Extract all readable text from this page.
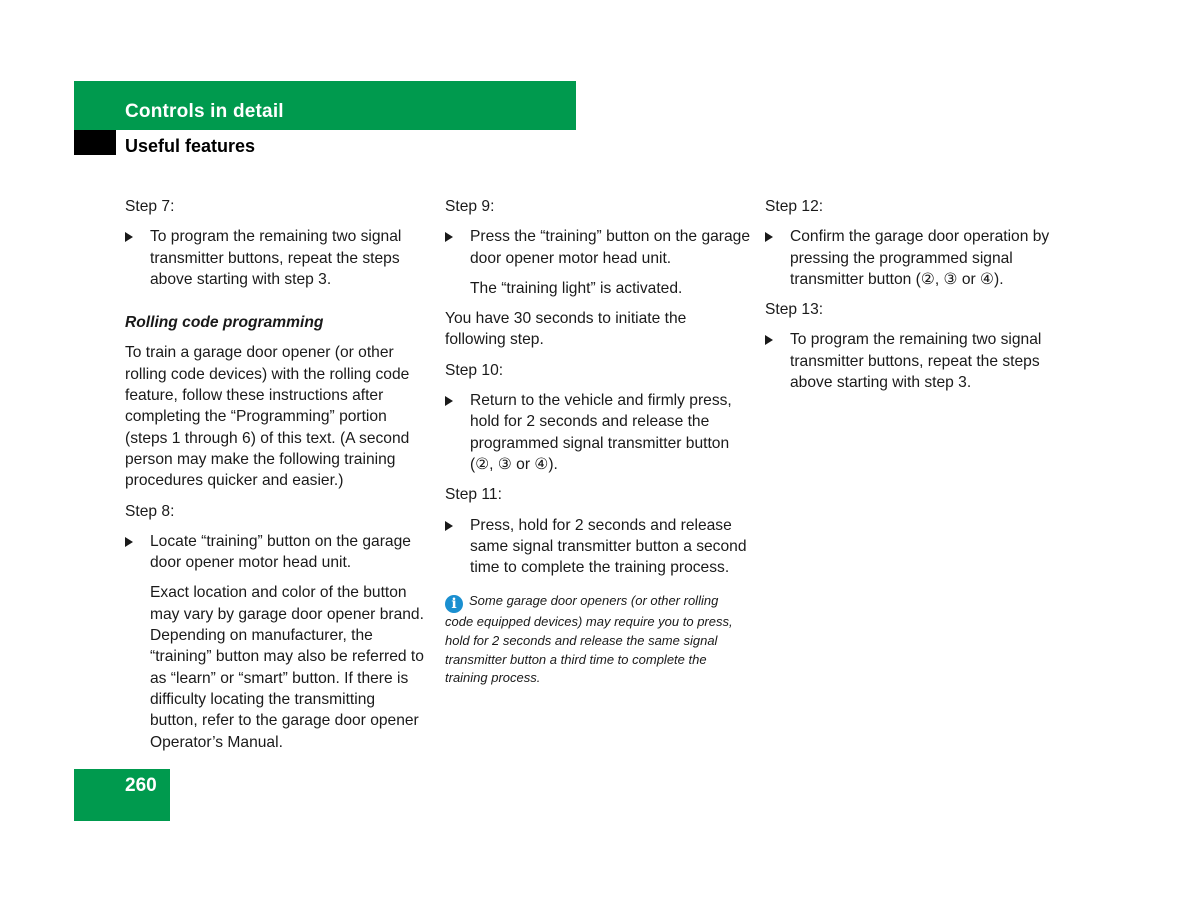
Controls in detail
Useful features

Step 7:

To program the remaining two signal transmitter buttons, repeat the steps above starting with step 3.

Rolling code programming

To train a garage door opener (or other rolling code devices) with the rolling code feature, follow these instructions after completing the “Programming” portion (steps 1 through 6) of this text. (A second person may make the following training procedures quicker and easier.)

Step 8:

Locate “training” button on the garage door opener motor head unit.

Exact location and color of the button may vary by garage door opener brand. Depending on manufacturer, the “training” button may also be referred to as “learn” or “smart” button. If there is difficulty locating the transmitting button, refer to the garage door opener Operator’s Manual.

Step 9:

Press the “training” button on the garage door opener motor head unit.

The “training light” is activated.

You have 30 seconds to initiate the following step.

Step 10:

Return to the vehicle and firmly press, hold for 2 seconds and release the programmed signal transmitter button (②, ③ or ④).

Step 11:

Press, hold for 2 seconds and release same signal transmitter button a second time to complete the training process.

i Some garage door openers (or other rolling code equipped devices) may require you to press, hold for 2 seconds and release the same signal transmitter button a third time to complete the training process.

Step 12:

Confirm the garage door operation by pressing the programmed signal transmitter button (②, ③ or ④).

Step 13:

To program the remaining two signal transmitter buttons, repeat the steps above starting with step 3.
260
